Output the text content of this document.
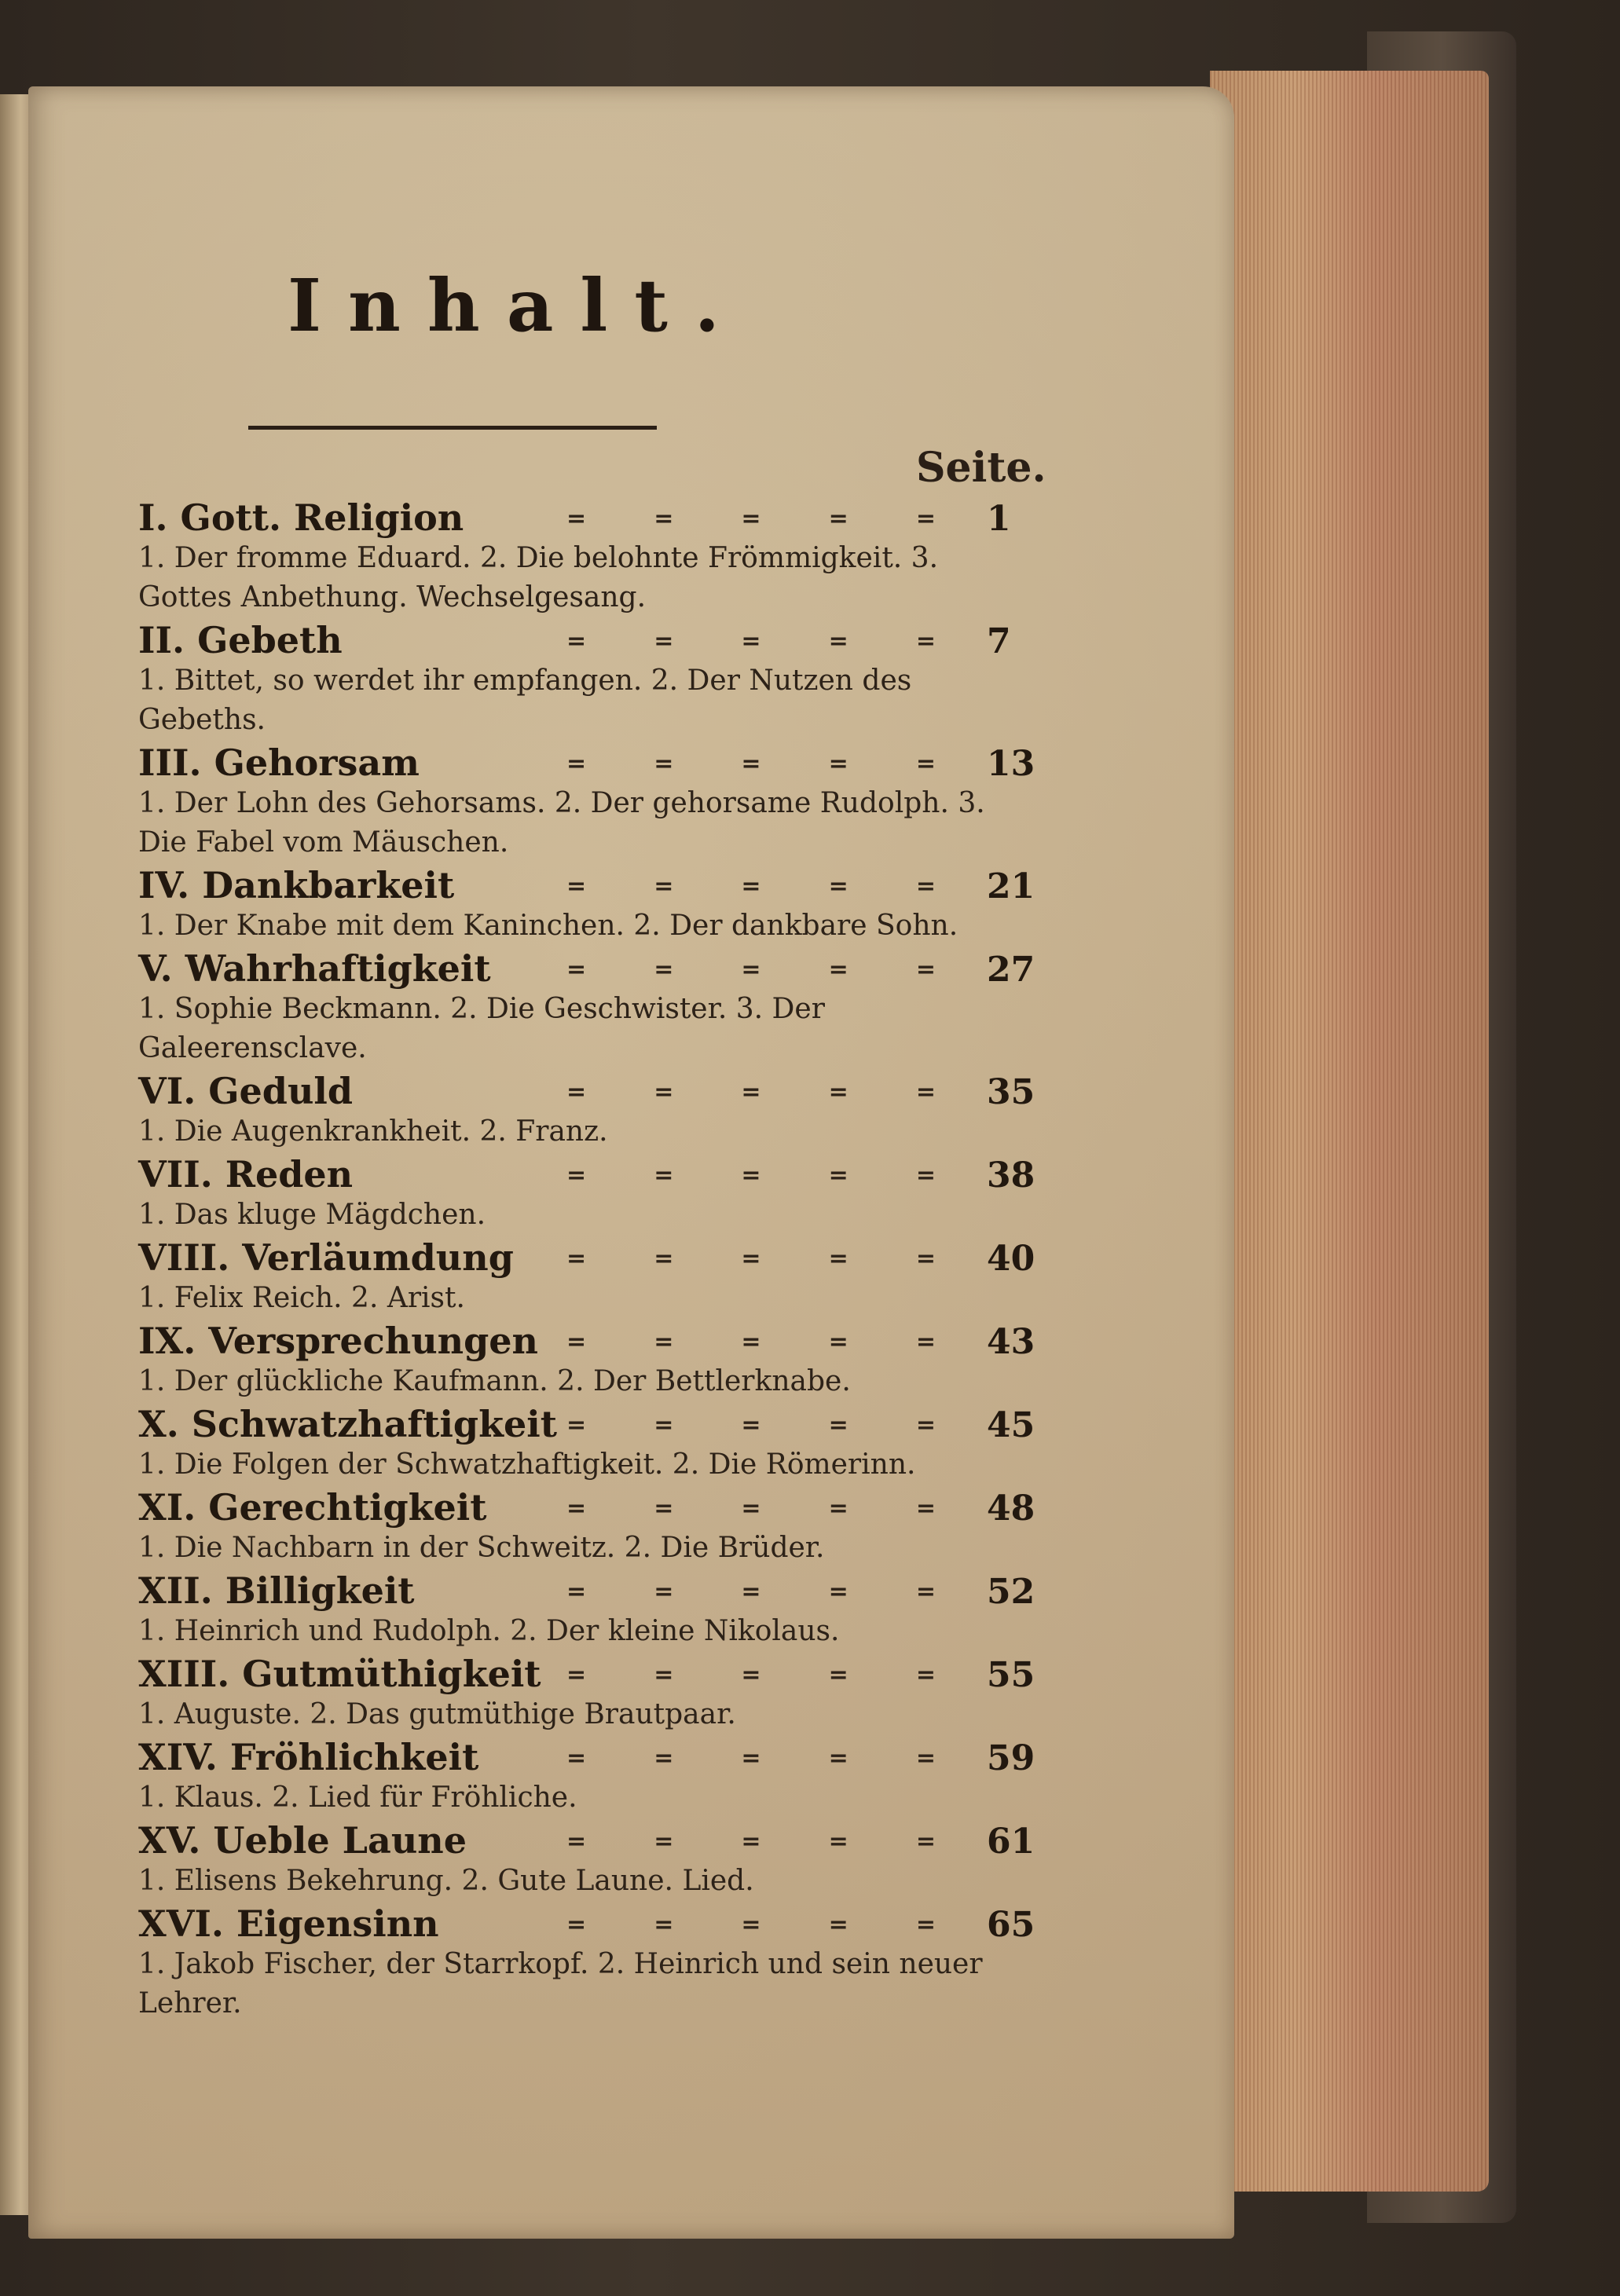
Inhalt.
Seite.
I. Gott. Religion	=	=	=	=	= 1
1. Der fromme Eduard. 2. Die belohnte Frömmigkeit. 3. Gottes Anbethung. Wechselgesang.
II. Gebeth	=	=	=	=	= 7
1. Bittet, so werdet ihr empfangen. 2. Der Nutzen des Gebeths.
III. Gehorsam	=	=	=	=	= 13
1. Der Lohn des Gehorsams. 2. Der gehorsame Rudolph. 3. Die Fabel vom Mäuschen.
IV. Dankbarkeit	=	=	=	=	= 21
1. Der Knabe mit dem Kaninchen. 2. Der dankbare Sohn.
V. Wahrhaftigkeit	=	=	=	=	= 27
1. Sophie Beckmann. 2. Die Geschwister. 3. Der Galeerensclave.
VI. Geduld	=	=	=	=	= 35
1. Die Augenkrankheit. 2. Franz.
VII. Reden	=	=	=	=	= 38
1. Das kluge Mägdchen.
VIII. Verläumdung =	=	=	=	= 40
1. Felix Reich. 2. Arist.
IX. Versprechungen =	=	=	=	= 43
1. Der glückliche Kaufmann. 2. Der Bettlerknabe.
X. Schwatzhaftigkeit =	=	=	=	= 45
1. Die Folgen der Schwatzhaftigkeit. 2. Die Römerinn.
XI. Gerechtigkeit	=	=	=	=	= 48
1. Die Nachbarn in der Schweitz. 2. Die Brüder.
XII. Billigkeit	=	=	=	=	= 52
1. Heinrich und Rudolph. 2. Der kleine Nikolaus.
XIII. Gutmüthigkeit =	=	=	=	= 55
1. Auguste. 2. Das gutmüthige Brautpaar.
XIV. Fröhlichkeit	=	=	=	=	= 59
1. Klaus. 2. Lied für Fröhliche.
XV. Ueble Laune	=	=	=	=	= 61
1. Elisens Bekehrung. 2. Gute Laune. Lied.
XVI. Eigensinn	=	=	=	=	= 65
1. Jakob Fischer, der Starrkopf. 2. Heinrich und sein neuer Lehrer.
